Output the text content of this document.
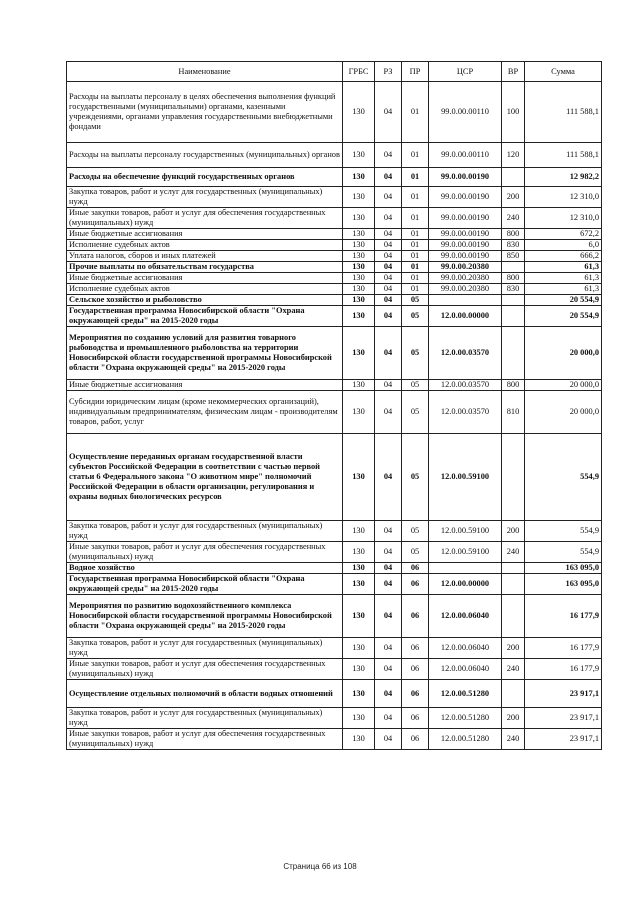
Наименование	ГРБС	РЗ	ПР	ЦСР	ВР	Сумма
Расходы на выплаты персоналу в целях обеспечения выполнения функций государственными (муниципальными) органами, казенными учреждениями, органами управления государственными внебюджетными фондами	130	04	01	99.0.00.00110	100	111 588,1
Расходы на выплаты персоналу государственных (муниципальных) органов	130	04	01	99.0.00.00110	120	111 588,1
Расходы на обеспечение функций государственных органов	130	04	01	99.0.00.00190		12 982,2
Закупка товаров, работ и услуг для государственных (муниципальных) нужд	130	04	01	99.0.00.00190	200	12 310,0
Иные закупки товаров, работ и услуг для обеспечения государственных (муниципальных) нужд	130	04	01	99.0.00.00190	240	12 310,0
Иные бюджетные ассигнования	130	04	01	99.0.00.00190	800	672,2
Исполнение судебных актов	130	04	01	99.0.00.00190	830	6,0
Уплата налогов, сборов и иных платежей	130	04	01	99.0.00.00190	850	666,2
Прочие выплаты по обязательствам государства	130	04	01	99.0.00.20380		61,3
Иные бюджетные ассигнования	130	04	01	99.0.00.20380	800	61,3
Исполнение судебных актов	130	04	01	99.0.00.20380	830	61,3
Сельское хозяйство и рыболовство	130	04	05			20 554,9
Государственная программа Новосибирской области "Охрана окружающей среды" на 2015-2020 годы	130	04	05	12.0.00.00000		20 554,9
Мероприятия по созданию условий для развития товарного рыбоводства и промышленного рыболовства на территории Новосибирской области государственной программы Новосибирской области "Охрана окружающей среды" на 2015-2020 годы	130	04	05	12.0.00.03570		20 000,0
Иные бюджетные ассигнования	130	04	05	12.0.00.03570	800	20 000,0
Субсидии юридическим лицам (кроме некоммерческих организаций), индивидуальным предпринимателям, физическим лицам - производителям товаров, работ, услуг	130	04	05	12.0.00.03570	810	20 000,0
Осуществление переданных органам государственной власти субъектов Российской Федерации в соответствии с частью первой статьи 6 Федерального закона "О животном мире" полномочий Российской Федерации в области организации, регулирования и охраны водных биологических ресурсов	130	04	05	12.0.00.59100		554,9
Закупка товаров, работ и услуг для государственных (муниципальных) нужд	130	04	05	12.0.00.59100	200	554,9
Иные закупки товаров, работ и услуг для обеспечения государственных (муниципальных) нужд	130	04	05	12.0.00.59100	240	554,9
Водное хозяйство	130	04	06			163 095,0
Государственная программа Новосибирской области "Охрана окружающей среды" на 2015-2020 годы	130	04	06	12.0.00.00000		163 095,0
Мероприятия по развитию водохозяйственного комплекса Новосибирской области государственной программы Новосибирской области "Охрана окружающей среды" на 2015-2020 годы	130	04	06	12.0.00.06040		16 177,9
Закупка товаров, работ и услуг для государственных (муниципальных) нужд	130	04	06	12.0.00.06040	200	16 177,9
Иные закупки товаров, работ и услуг для обеспечения государственных (муниципальных) нужд	130	04	06	12.0.00.06040	240	16 177,9
Осуществление отдельных полномочий в области водных отношений	130	04	06	12.0.00.51280		23 917,1
Закупка товаров, работ и услуг для государственных (муниципальных) нужд	130	04	06	12.0.00.51280	200	23 917,1
Иные закупки товаров, работ и услуг для обеспечения государственных (муниципальных) нужд	130	04	06	12.0.00.51280	240	23 917,1
Страница 66 из 108
